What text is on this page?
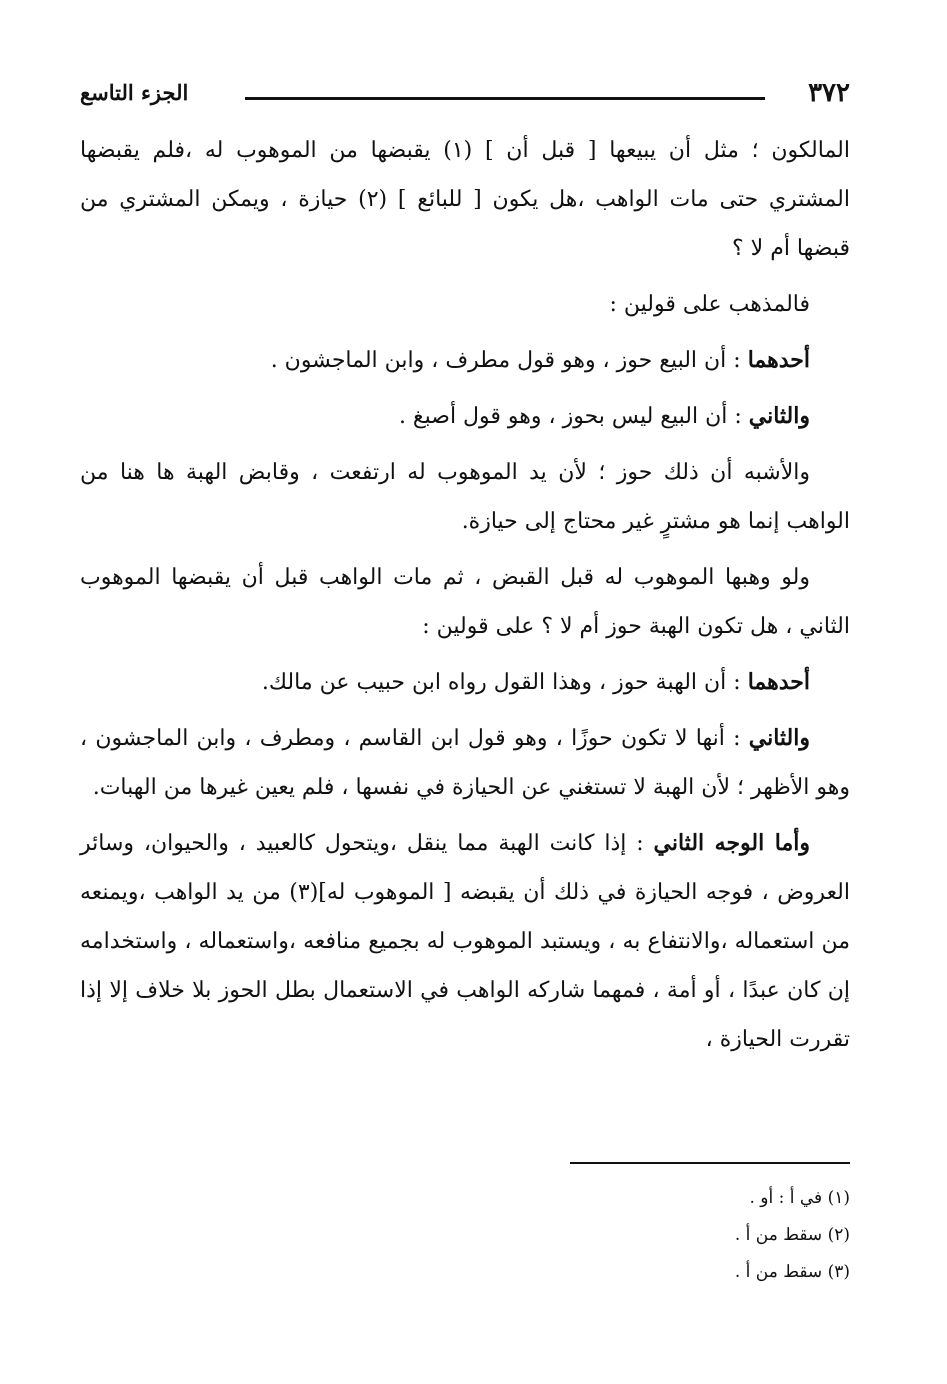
٣٧٢
الجزء التاسع

المالكون ؛ مثل أن يبيعها [ قبل أن ] (١) يقبضها من الموهوب له ،فلم يقبضها المشتري حتى مات الواهب ،هل يكون [ للبائع ] (٢) حيازة ، ويمكن المشتري من قبضها أم لا ؟

فالمذهب على قولين :

أحدهما : أن البيع حوز ، وهو قول مطرف ، وابن الماجشون .

والثاني : أن البيع ليس بحوز ، وهو قول أصبغ .

والأشبه أن ذلك حوز ؛ لأن يد الموهوب له ارتفعت ، وقابض الهبة ها هنا من الواهب إنما هو مشترٍ غير محتاج إلى حيازة.

ولو وهبها الموهوب له قبل القبض ، ثم مات الواهب قبل أن يقبضها الموهوب الثاني ، هل تكون الهبة حوز أم لا ؟ على قولين :

أحدهما : أن الهبة حوز ، وهذا القول رواه ابن حبيب عن مالك.

والثاني : أنها لا تكون حوزًا ، وهو قول ابن القاسم ، ومطرف ، وابن الماجشون ، وهو الأظهر ؛ لأن الهبة لا تستغني عن الحيازة في نفسها ، فلم يعين غيرها من الهبات.

وأما الوجه الثاني : إذا كانت الهبة مما ينقل ،ويتحول كالعبيد ، والحيوان، وسائر العروض ، فوجه الحيازة في ذلك أن يقبضه [ الموهوب له](٣) من يد الواهب ،ويمنعه من استعماله ،والانتفاع به ، ويستبد الموهوب له بجميع منافعه ،واستعماله ، واستخدامه إن كان عبدًا ، أو أمة ، فمهما شاركه الواهب في الاستعمال بطل الحوز بلا خلاف إلا إذا تقررت الحيازة ،

(١) في أ : أو .
(٢) سقط من أ .
(٣) سقط من أ .
